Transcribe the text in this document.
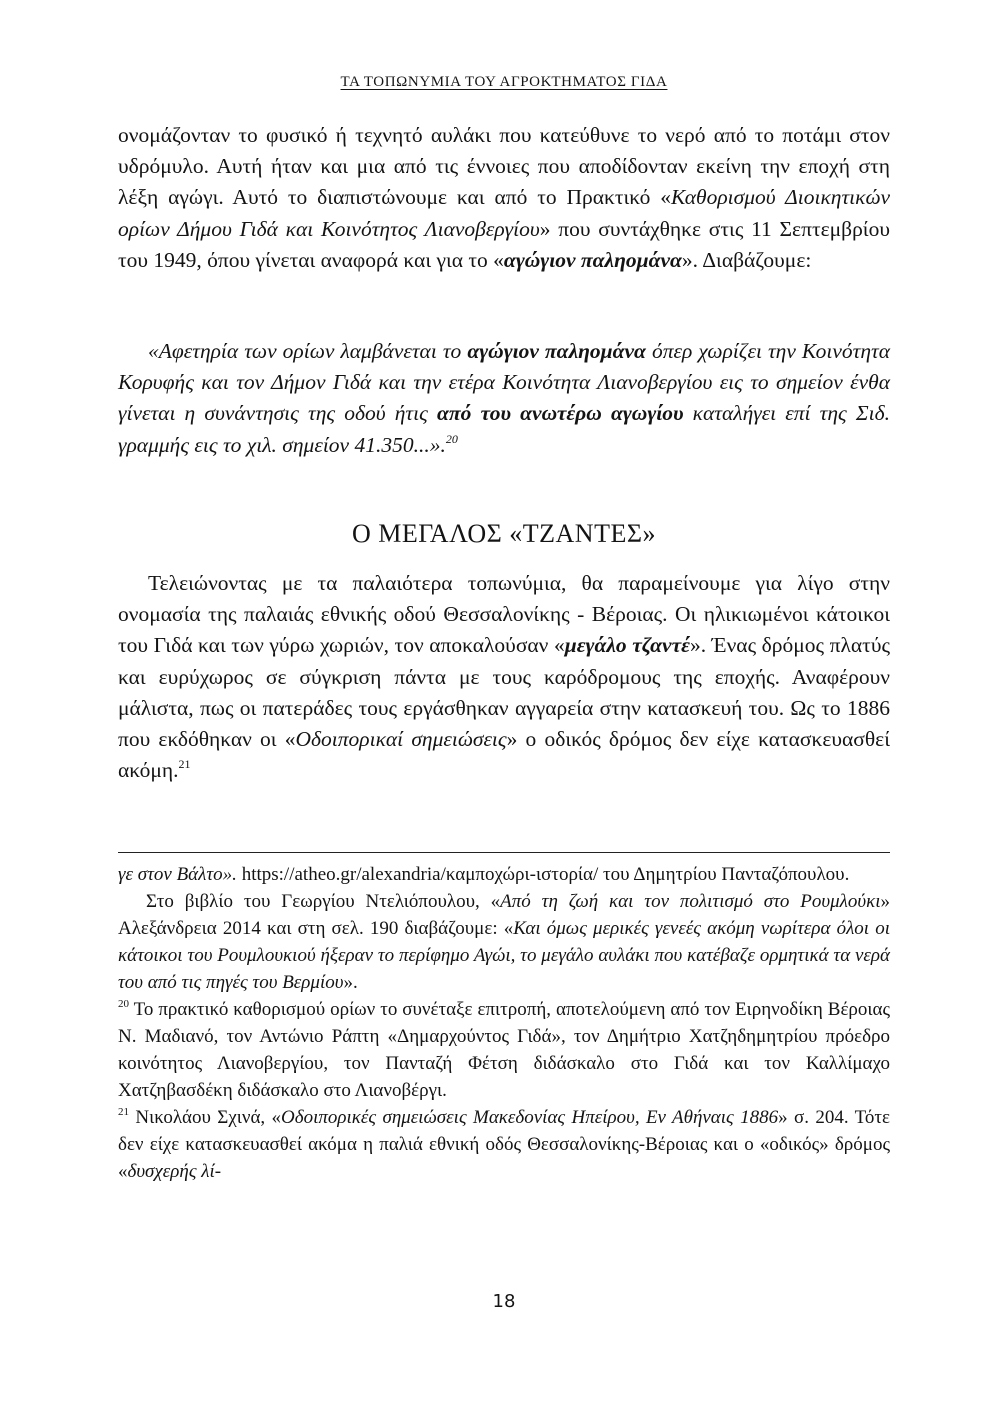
ΤΑ ΤΟΠΩΝΥΜΙΑ ΤΟΥ ΑΓΡΟΚΤΗΜΑΤΟΣ ΓΙΔΑ

ονομάζονταν το φυσικό ή τεχνητό αυλάκι που κατεύθυνε το νερό από το ποτάμι στον υδρόμυλο. Αυτή ήταν και μια από τις έννοιες που αποδίδονταν εκείνη την εποχή στη λέξη αγώγι. Αυτό το διαπιστώνουμε και από το Πρακτικό «Καθορισμού Διοικητικών ορίων Δήμου Γιδά και Κοινότητος Λιανοβεργίου» που συντάχθηκε στις 11 Σεπτεμβρίου του 1949, όπου γίνεται αναφορά και για το «αγώγιον παληομάνα». Διαβάζουμε:

«Αφετηρία των ορίων λαμβάνεται το αγώγιον παληομάνα όπερ χωρίζει την Κοινότητα Κορυφής και τον Δήμον Γιδά και την ετέρα Κοινότητα Λιανοβεργίου εις το σημείον ένθα γίνεται η συνάντησις της οδού ήτις από του ανωτέρω αγωγίου καταλήγει επί της Σιδ. γραμμής εις το χιλ. σημείον 41.350...».$^{20}$

Ο ΜΕΓΑΛΟΣ «ΤΖΑΝΤΕΣ»

Τελειώνοντας με τα παλαιότερα τοπωνύμια, θα παραμείνουμε για λίγο στην ονομασία της παλαιάς εθνικής οδού Θεσσαλονίκης - Βέροιας. Οι ηλικιωμένοι κάτοικοι του Γιδά και των γύρω χωριών, τον αποκαλούσαν «μεγάλο τζαντέ». Ένας δρόμος πλατύς και ευρύχωρος σε σύγκριση πάντα με τους καρόδρομους της εποχής. Αναφέρουν μάλιστα, πως οι πατεράδες τους εργάσθηκαν αγγαρεία στην κατασκευή του. Ως το 1886 που εκδόθηκαν οι «Οδοιπορικαί σημειώσεις» ο οδικός δρόμος δεν είχε κατασκευασθεί ακόμη.$^{21}$

γε στον Βάλτο». https://atheo.gr/alexandria/καμποχώρι-ιστορία/ του Δημητρίου Πανταζόπουλου.

Στο βιβλίο του Γεωργίου Ντελιόπουλου, «Από τη ζωή και τον πολιτισμό στο Ρουμλούκι» Αλεξάνδρεια 2014 και στη σελ. 190 διαβάζουμε: «Και όμως μερικές γενεές ακόμη νωρίτερα όλοι οι κάτοικοι του Ρουμλουκιού ήξεραν το περίφημο Αγώι, το μεγάλο αυλάκι που κατέβαζε ορμητικά τα νερά του από τις πηγές του Βερμίου».

$^{20}$ Το πρακτικό καθορισμού ορίων το συνέταξε επιτροπή, αποτελούμενη από τον Ειρηνοδίκη Βέροιας Ν. Μαδιανό, τον Αντώνιο Ράπτη «Δημαρχούντος Γιδά», τον Δημήτριο Χατζηδημητρίου πρόεδρο κοινότητος Λιανοβεργίου, τον Πανταζή Φέτση διδάσκαλο στο Γιδά και τον Καλλίμαχο Χατζηβασδέκη διδάσκαλο στο Λιανοβέργι.

$^{21}$ Νικολάου Σχινά, «Οδοιπορικές σημειώσεις Μακεδονίας Ηπείρου, Εν Αθήναις 1886» σ. 204. Τότε δεν είχε κατασκευασθεί ακόμα η παλιά εθνική οδός Θεσσαλονίκης-Βέροιας και ο «οδικός» δρόμος «δυσχερής λί-

18
